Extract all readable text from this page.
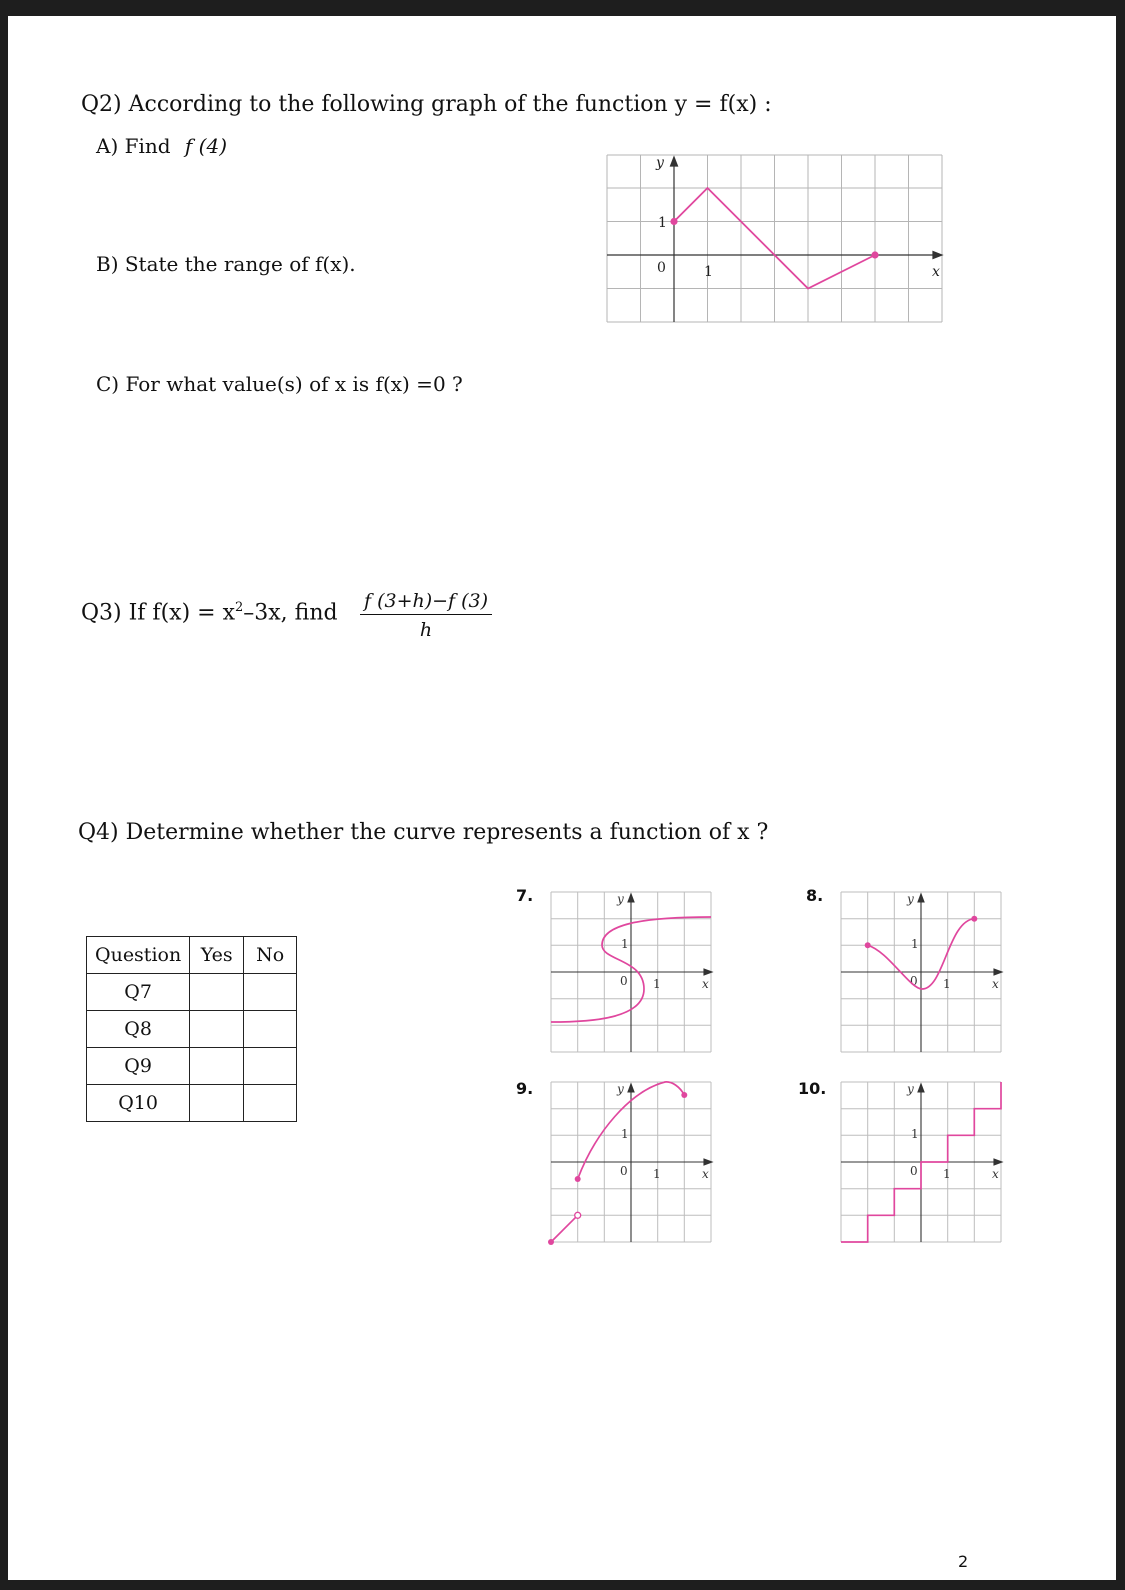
Q2) According to the following graph of the function y = f(x) :
A) Find f (4)
B) State the range of f(x).
C) For what value(s) of x is f(x) =0 ?
y
x
1
0	1
Q3) If $f(x) = x^2-3x$, find $\frac{f (3+h)-f (3)}{h}$
Q4) Determine whether the curve represents a function of x ?
Question	Yes	No
Q7		
Q8		
Q9		
Q10		
7.	8.
9.	10.
y
x
1
0 1
y
x
1
0 1
y
x
1
0 1
y
x
1
0 1
2
